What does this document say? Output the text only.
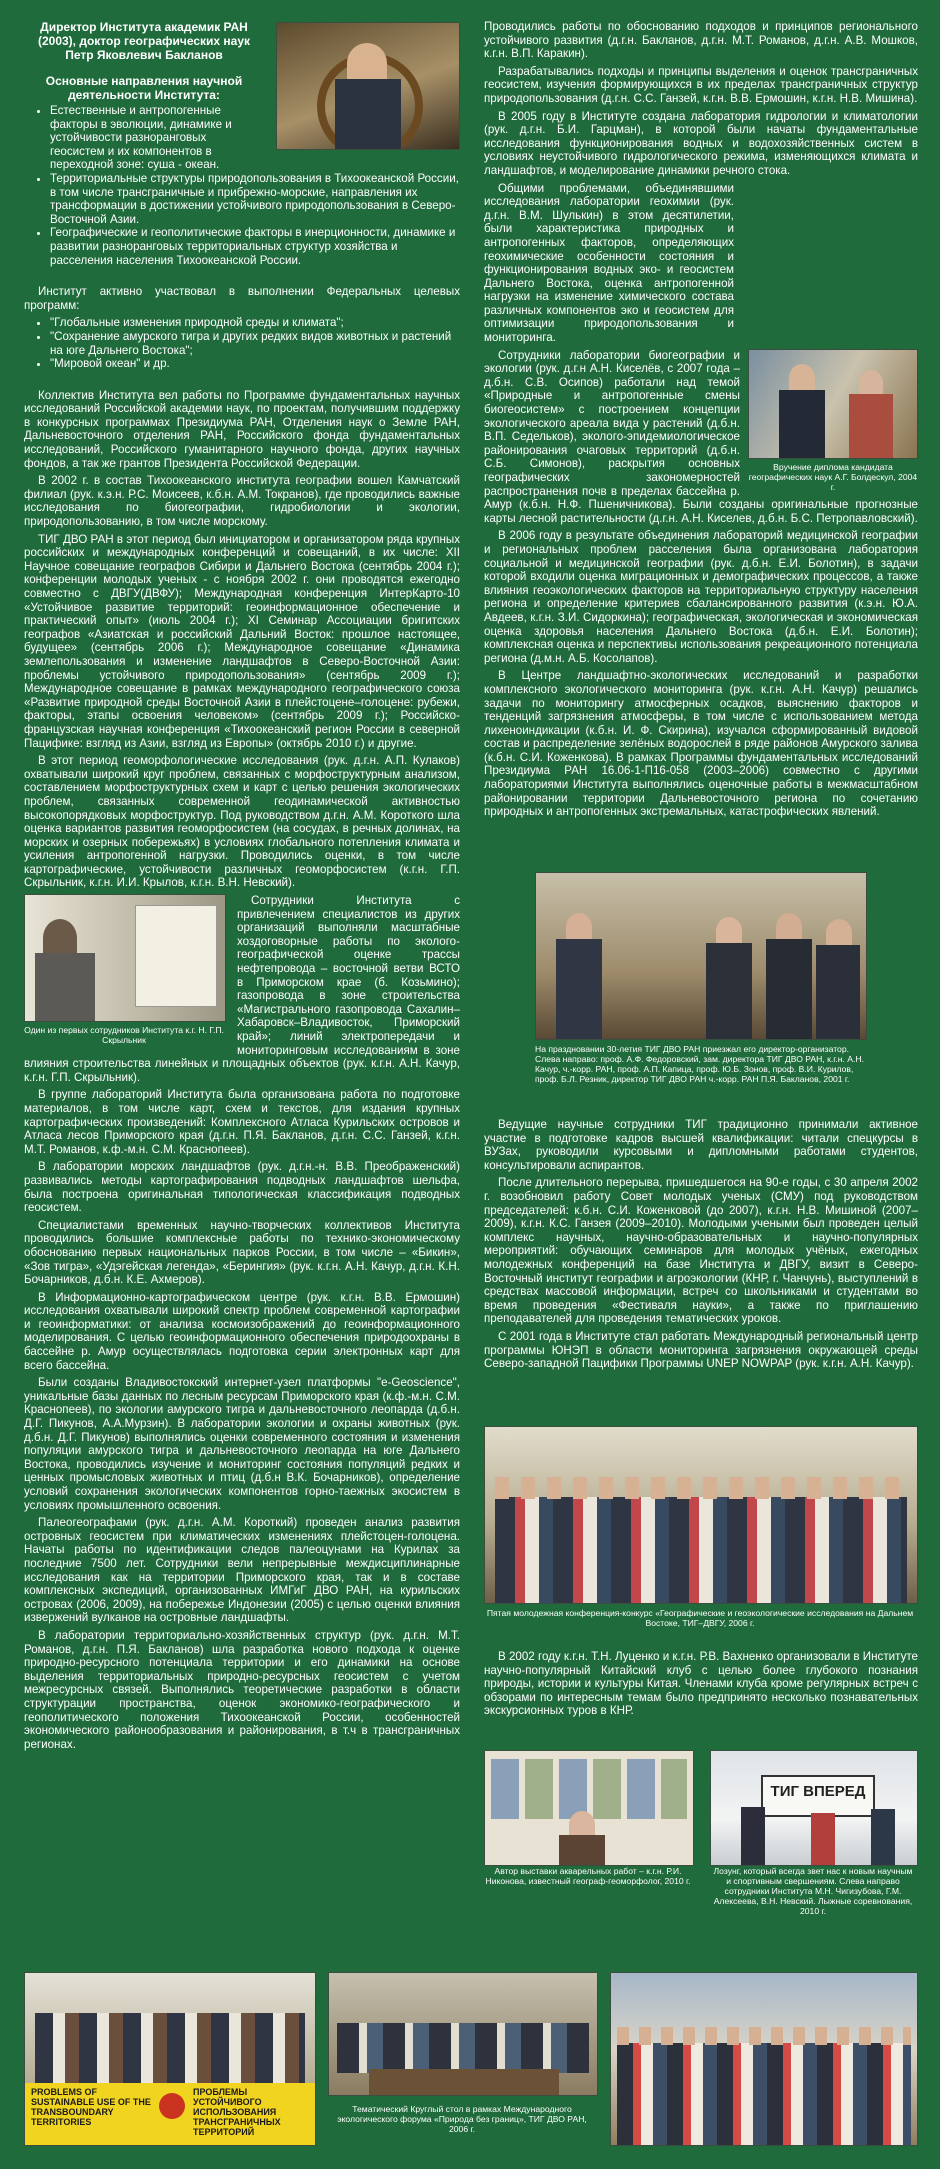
Директор Института академик РАН (2003), доктор географических наук Петр Яковлевич Бакланов
Основные направления научной деятельности Института:
• Естественные и антропогенные факторы в эволюции, динамике и устойчивости разноранговых геосистем и их компонентов в переходной зоне: суша - океан.
• Территориальные структуры природопользования в Тихоокеанской России, в том числе трансграничные и прибрежно-морские, направления их трансформации в достижении устойчивого природопользования в Северо-Восточной Азии.
• Географические и геополитические факторы в инерционности, динамике и развитии разноранговых территориальных структур хозяйства и расселения населения Тихоокеанской России.

Институт активно участвовал в выполнении Федеральных целевых программ:

• "Глобальные изменения природной среды и климата";
• "Сохранение амурского тигра и других редких видов животных и растений на юге Дальнего Востока";
• "Мировой океан" и др.

Коллектив Института вел работы по Программе фундаментальных научных исследований Российской академии наук, по проектам, получившим поддержку в конкурсных программах Президиума РАН, Отделения наук о Земле РАН, Дальневосточного отделения РАН, Российского фонда фундаментальных исследований, Российского гуманитарного научного фонда, других научных фондов, а так же грантов Президента Российской Федерации.

В 2002 г. в состав Тихоокеанского института географии вошел Камчатский филиал (рук. к.э.н. Р.С. Моисеев, к.б.н. А.М. Токранов), где проводились важные исследования по биогеографии, гидробиологии и экологии, природопользованию, в том числе морскому.

ТИГ ДВО РАН в этот период был инициатором и организатором ряда крупных российских и международных конференций и совещаний, в их числе: XII Научное совещание географов Сибири и Дальнего Востока (сентябрь 2004 г.); конференции молодых ученых - с ноября 2002 г. они проводятся ежегодно совместно с ДВГУ(ДВФУ); Международная конференция ИнтерКарто-10 «Устойчивое развитие территорий: геоинформационное обеспечение и практический опыт» (июль 2004 г.); XI Семинар Ассоциации бригитских географов «Азиатская и российский Дальний Восток: прошлое настоящее, будущее» (сентябрь 2006 г.); Международное совещание «Динамика землепользования и изменение ландшафтов в Северо-Восточной Азии: проблемы устойчивого природопользования» (сентябрь 2009 г.); Международное совещание в рамках международного географического союза «Развитие природной среды Восточной Азии в плейстоцене–голоцене: рубежи, факторы, этапы освоения человеком» (сентябрь 2009 г.); Российско-французская научная конференция «Тихоокеанский регион России в северной Пацифике: взгляд из Азии, взгляд из Европы» (октябрь 2010 г.) и другие.

В этот период геоморфологические исследования (рук. д.г.н. А.П. Кулаков) охватывали широкий круг проблем, связанных с морфоструктурным анализом, составлением морфоструктурных схем и карт с целью решения экологических проблем, связанных современной геодинамической активностью высокопорядковых морфоструктур. Под руководством д.г.н. А.М. Короткого шла оценка вариантов развития геоморфосистем (на сосудах, в речных долинах, на морских и озерных побережьях) в условиях глобального потепления климата и усиления антропогенной нагрузки. Проводились оценки, в том числе картографические, устойчивости различных геоморфосистем (к.г.н. Г.П. Скрыльник, к.г.н. И.И. Крылов, к.г.н. В.Н. Невский).

Один из первых сотрудников Института к.г. Н. Г.П. Скрыльник

Сотрудники Института с привлечением специалистов из других организаций выполняли масштабные хоздоговорные работы по эколого-географической оценке трассы нефтепровода – восточной ветви ВСТО в Приморском крае (б. Козьмино); газопровода в зоне строительства «Магистрального газопровода Сахалин–Хабаровск–Владивосток, Приморский край»; линий электропередачи и мониторинговым исследованиям в зоне влияния строительства линейных и площадных объектов (рук. к.г.н. А.Н. Качур, к.г.н. Г.П. Скрыльник).

В группе лабораторий Института была организована работа по подготовке материалов, в том числе карт, схем и текстов, для издания крупных картографических произведений: Комплексного Атласа Курильских островов и Атласа лесов Приморского края (д.г.н. П.Я. Бакланов, д.г.н. С.С. Ганзей, к.г.н. М.Т. Романов, к.ф.-м.н. С.М. Краснопеев).

В лаборатории морских ландшафтов (рук. д.г.н.-н. В.В. Преображенский) развивались методы картографирования подводных ландшафтов шельфа, была построена оригинальная типологическая классификация подводных геосистем.

Специалистами временных научно-творческих коллективов Института проводились большие комплексные работы по технико-экономическому обоснованию первых национальных парков России, в том числе – «Бикин», «Зов тигра», «Удэгейская легенда», «Берингия» (рук. к.г.н. А.Н. Качур, д.г.н. К.Н. Бочарников, д.б.н. К.Е. Ахмеров).

В Информационно-картографическом центре (рук. к.г.н. В.В. Ермошин) исследования охватывали широкий спектр проблем современной картографии и геоинформатики: от анализа космоизображений до геоинформационного моделирования. С целью геоинформационного обеспечения природоохраны в бассейне р. Амур осуществлялась подготовка серии электронных карт для всего бассейна.

Были созданы Владивостокский интернет-узел платформы "e-Geoscience", уникальные базы данных по лесным ресурсам Приморского края (к.ф.-м.н. С.М. Краснопеев), по экологии амурского тигра и дальневосточного леопарда (д.б.н. Д.Г. Пикунов, А.А.Мурзин). В лаборатории экологии и охраны животных (рук. д.б.н. Д.Г. Пикунов) выполнялись оценки современного состояния и изменения популяции амурского тигра и дальневосточного леопарда на юге Дальнего Востока, проводились изучение и мониторинг состояния популяций редких и ценных промысловых животных и птиц (д.б.н В.К. Бочарников), определение условий сохранения экологических компонентов горно-таежных экосистем в условиях промышленного освоения.

Палеогеографами (рук. д.г.н. А.М. Короткий) проведен анализ развития островных геосистем при климатических изменениях плейстоцен-голоцена. Начаты работы по идентификации следов палеоцунами на Курилах за последние 7500 лет. Сотрудники вели непрерывные междисциплинарные исследования как на территории Приморского края, так и в составе комплексных экспедиций, организованных ИМГиГ ДВО РАН, на курильских островах (2006, 2009), на побережье Индонезии (2005) с целью оценки влияния извержений вулканов на островные ландшафты.

В лаборатории территориально-хозяйственных структур (рук. д.г.н. М.Т. Романов, д.г.н. П.Я. Бакланов) шла разработка нового подхода к оценке природно-ресурсного потенциала территории и его динамики на основе выделения территориальных природно-ресурсных геосистем с учетом межресурсных связей. Выполнялись теоретические разработки в области структурации пространства, оценок экономико-географического и геополитического положения Тихоокеанской России, особенностей экономического районообразования и районирования, в т.ч в трансграничных регионах.

Проводились работы по обоснованию подходов и принципов регионального устойчивого развития (д.г.н. Бакланов, д.г.н. М.Т. Романов, д.г.н. А.В. Мошков, к.г.н. В.П. Каракин).

Разрабатывались подходы и принципы выделения и оценок трансграничных геосистем, изучения формирующихся в их пределах трансграничных структур природопользования (д.г.н. С.С. Ганзей, к.г.н. В.В. Ермошин, к.г.н. Н.В. Мишина).

В 2005 году в Институте создана лаборатория гидрологии и климатологии (рук. д.г.н. Б.И. Гарцман), в которой были начаты фундаментальные исследования функционирования водных и водохозяйственных систем в условиях неустойчивого гидрологического режима, изменяющихся климата и ландшафтов, и моделирование динамики речного стока.

Общими проблемами, объединявшими исследования лаборатории геохимии (рук. д.г.н. В.М. Шулькин) в этом десятилетии, были характеристика природных и антропогенных факторов, определяющих геохимические особенности состояния и функционирования водных эко- и геосистем Дальнего Востока, оценка антропогенной нагрузки на изменение химического состава различных компонентов эко и геосистем для оптимизации природопользования и мониторинга.

Вручение диплома кандидата географических наук А.Г. Болдескул, 2004 г.

Сотрудники лаборатории биогеографии и экологии (рук. д.г.н А.Н. Киселёв, с 2007 года – д.б.н. С.В. Осипов) работали над темой «Природные и антропогенные смены биогеосистем» с построением концепции экологического ареала вида у растений (д.б.н. В.П. Седельков), эколого-эпидемиологическое районирования очаговых территорий (д.б.н. С.Б. Симонов), раскрытия основных географических закономерностей распространения почв в пределах бассейна р. Амур (к.б.н. Н.Ф. Пшеничникова). Были созданы оригинальные прогнозные карты лесной растительности (д.г.н. А.Н. Киселев, д.б.н. Б.С. Петропавловский).

В 2006 году в результате объединения лабораторий медицинской географии и региональных проблем расселения была организована лаборатория социальной и медицинской географии (рук. д.б.н. Е.И. Болотин), в задачи которой входили оценка миграционных и демографических процессов, а также влияния геоэкологических факторов на территориальную структуру населения региона и определение критериев сбалансированного развития (к.э.н. Ю.А. Авдеев, к.г.н. З.И. Сидоркина); географическая, экологическая и экономическая оценка здоровья населения Дальнего Востока (д.б.н. Е.И. Болотин); комплексная оценка и перспективы использования рекреационного потенциала региона (д.м.н. А.Б. Косолапов).

В Центре ландшафтно-экологических исследований и разработки комплексного экологического мониторинга (рук. к.г.н. А.Н. Качур) решались задачи по мониторингу атмосферных осадков, выяснению факторов и тенденций загрязнения атмосферы, в том числе с использованием метода лихеноиндикации (к.б.н. И. Ф. Скирина), изучался сформированный видовой состав и распределение зелёных водорослей в ряде районов Амурского залива (к.б.н. С.И. Коженкова). В рамках Программы фундаментальных исследований Президиума РАН 16.06-1-П16-058 (2003–2006) совместно с другими лабораториями Института выполнялись оценочные работы в межмасштабном районировании территории Дальневосточного региона по сочетанию природных и антропогенных экстремальных, катастрофических явлений.

На праздновании 30-летия ТИГ ДВО РАН приезжал его директор-организатор. Слева направо: проф. А.Ф. Федоровский, зам. директора ТИГ ДВО РАН, к.г.н. А.Н. Качур, ч.-корр. РАН, проф. А.П. Капица, проф. Ю.Б. Зонов, проф. В.И. Курилов, проф. Б.Л. Резник, директор ТИГ ДВО РАН ч.-корр. РАН П.Я. Бакланов, 2001 г.

Ведущие научные сотрудники ТИГ традиционно принимали активное участие в подготовке кадров высшей квалификации: читали спецкурсы в ВУЗах, руководили курсовыми и дипломными работами студентов, консультировали аспирантов.

После длительного перерыва, пришедшегося на 90-е годы, с 30 апреля 2002 г. возобновил работу Совет молодых ученых (СМУ) под руководством председателей: к.б.н. С.И. Коженковой (до 2007), к.г.н. Н.В. Мишиной (2007–2009), к.г.н. К.С. Ганзея (2009–2010). Молодыми учеными был проведен целый комплекс научных, научно-образовательных и научно-популярных мероприятий: обучающих семинаров для молодых учёных, ежегодных молодежных конференций на базе Института и ДВГУ, визит в Северо-Восточный институт географии и агроэкологии (КНР, г. Чанчунь), выступлений в средствах массовой информации, встреч со школьниками и студентами во время проведения «Фестиваля науки», а также по приглашению преподавателей для проведения тематических уроков.

С 2001 года в Институте стал работать Международный региональный центр программы ЮНЭП в области мониторинга загрязнения окружающей среды Северо-западной Пацифики Программы UNEP NOWPAP (рук. к.г.н. А.Н. Качур).

Пятая молодежная конференция-конкурс «Географические и геоэкологические исследования на Дальнем Востоке, ТИГ–ДВГУ, 2006 г.

В 2002 году к.г.н. Т.Н. Луценко и к.г.н. Р.В. Вахненко организовали в Институте научно-популярный Китайский клуб с целью более глубокого познания природы, истории и культуры Китая. Членами клуба кроме регулярных встреч с обзорами по интересным темам было предпринято несколько познавательных экскурсионных туров в КНР.

Автор выставки акварельных работ – к.г.н. Р.И. Никонова, известный географ-геоморфолог, 2010 г.
ТИГ ВПЕРЕД
Лозунг, который всегда звет нас к новым научным и спортивным свершениям. Слева направо сотрудники Института М.Н. Чигизубова, Г.М. Алексеева, В.Н. Невский. Лыжные соревнования, 2010 г.
PROBLEMS OF SUSTAINABLE USE OF THE TRANSBOUNDARY TERRITORIES
ПРОБЛЕМЫ УСТОЙЧИВОГО ИСПОЛЬЗОВАНИЯ ТРАНСГРАНИЧНЫХ ТЕРРИТОРИЙ
Тематический Круглый стол в рамках Международного экологического форума «Природа без границ», ТИГ ДВО РАН, 2006 г.
